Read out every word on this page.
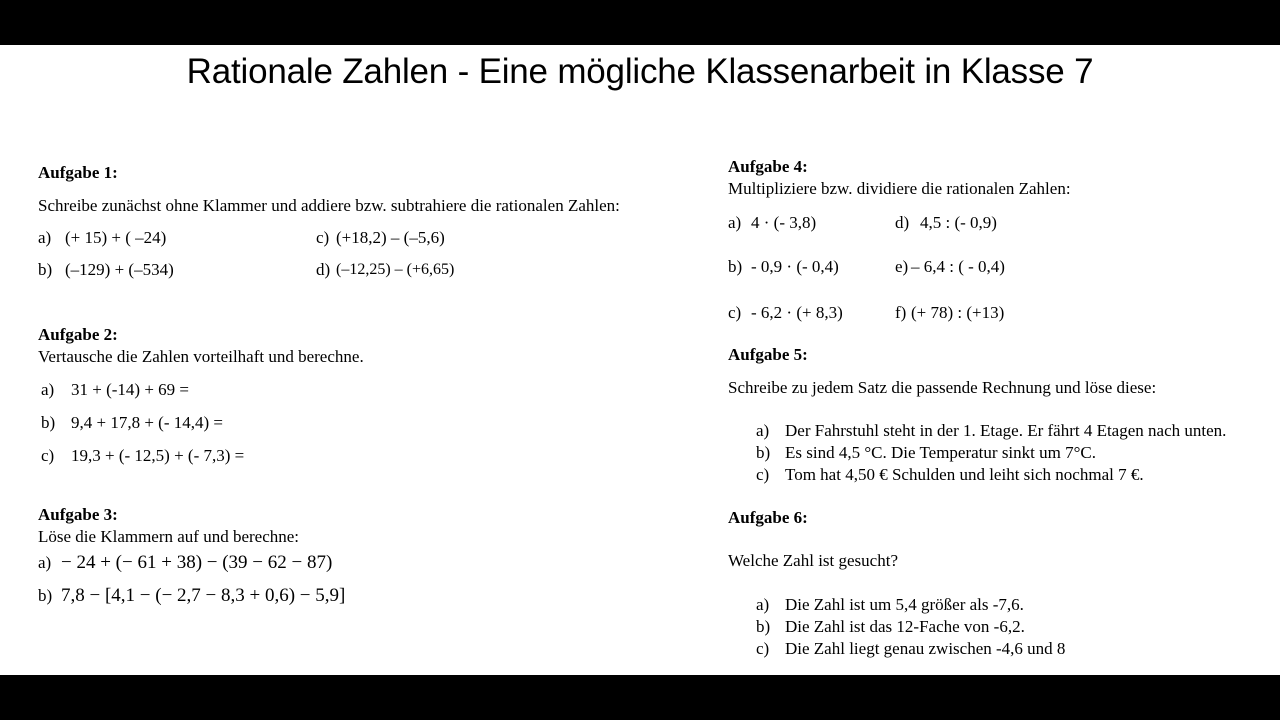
Rationale Zahlen - Eine mögliche Klassenarbeit in Klasse 7
Aufgabe 1:
Schreibe zunächst ohne Klammer und addiere bzw. subtrahiere die rationalen Zahlen:
a) (+ 15) + ( –24)	c) (+18,2) – (–5,6)
b) (–129) + (–534)	d) (–12,25) – (+6,65)
Aufgabe 2:
Vertausche die Zahlen vorteilhaft und berechne.
a) 31 + (-14) + 69 =
b) 9,4 + 17,8 + (- 14,4) =
c) 19,3 + (- 12,5) + (- 7,3) =
Aufgabe 3:
Löse die Klammern auf und berechne:
a) − 24 + (− 61 + 38) − (39 − 62 − 87)
b) 7,8 − [4,1 − (− 2,7 − 8,3 + 0,6) − 5,9]
Aufgabe 4:
Multipliziere bzw. dividiere die rationalen Zahlen:
a) 4 · (- 3,8)	d) 4,5 : (- 0,9)
b) - 0,9 · (- 0,4)	e) – 6,4 : ( - 0,4)
c) - 6,2 · (+ 8,3)	f) (+ 78) : (+13)
Aufgabe 5:
Schreibe zu jedem Satz die passende Rechnung und löse diese:
a) Der Fahrstuhl steht in der 1. Etage. Er fährt 4 Etagen nach unten.
b) Es sind 4,5 °C. Die Temperatur sinkt um 7°C.
c) Tom hat 4,50 € Schulden und leiht sich nochmal 7 €.
Aufgabe 6:
Welche Zahl ist gesucht?
a) Die Zahl ist um 5,4 größer als -7,6.
b) Die Zahl ist das 12-Fache von -6,2.
c) Die Zahl liegt genau zwischen -4,6 und 8
